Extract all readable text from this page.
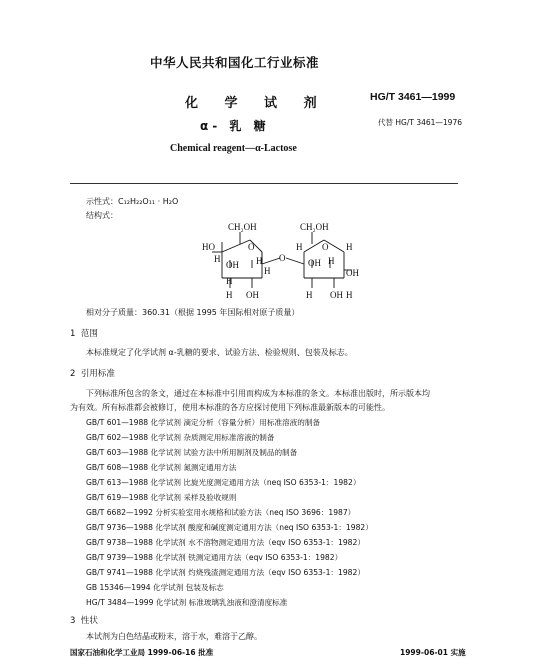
中华人民共和国化工行业标准
HG/T 3461—1999
化 学 试 剂
α- 乳 糖	代替 HG/T 3461—1976
Chemical reagent—α-Lactose
示性式：C₁₂H₂₂O₁₁ · H₂O
结构式：
CH₂OH
HO	O
H
OH H
H
H
H OH
O
CH₂OH
H O H
OH H
OH
H OH H
相对分子质量：360.31（根据 1995 年国际相对原子质量）
1 范围
本标准规定了化学试剂 α-乳糖的要求、试验方法、检验规则、包装及标志。
2 引用标准
下列标准所包含的条文，通过在本标准中引用而构成为本标准的条文。本标准出版时，所示版本均
为有效。所有标准都会被修订，使用本标准的各方应探讨使用下列标准最新版本的可能性。
GB/T 601—1988 化学试剂 滴定分析（容量分析）用标准溶液的制备
GB/T 602—1988 化学试剂 杂质测定用标准溶液的制备
GB/T 603—1988 化学试剂 试验方法中所用制剂及制品的制备
GB/T 608—1988 化学试剂 氮测定通用方法
GB/T 613—1988 化学试剂 比旋光度测定通用方法（neq ISO 6353-1：1982）
GB/T 619—1988 化学试剂 采样及验收规则
GB/T 6682—1992 分析实验室用水规格和试验方法（neq ISO 3696：1987）
GB/T 9736—1988 化学试剂 酸度和碱度测定通用方法（neq ISO 6353-1：1982）
GB/T 9738—1988 化学试剂 水不溶物测定通用方法（eqv ISO 6353-1：1982）
GB/T 9739—1988 化学试剂 铁测定通用方法（eqv ISO 6353-1：1982）
GB/T 9741—1988 化学试剂 灼烧残渣测定通用方法（eqv ISO 6353-1：1982）
GB 15346—1994 化学试剂 包装及标志
HG/T 3484—1999 化学试剂 标准玻璃乳浊液和澄清度标准
3 性状
本试剂为白色结晶或粉末，溶于水，难溶于乙醇。
国家石油和化学工业局 1999-06-16 批准	1999-06-01 实施
